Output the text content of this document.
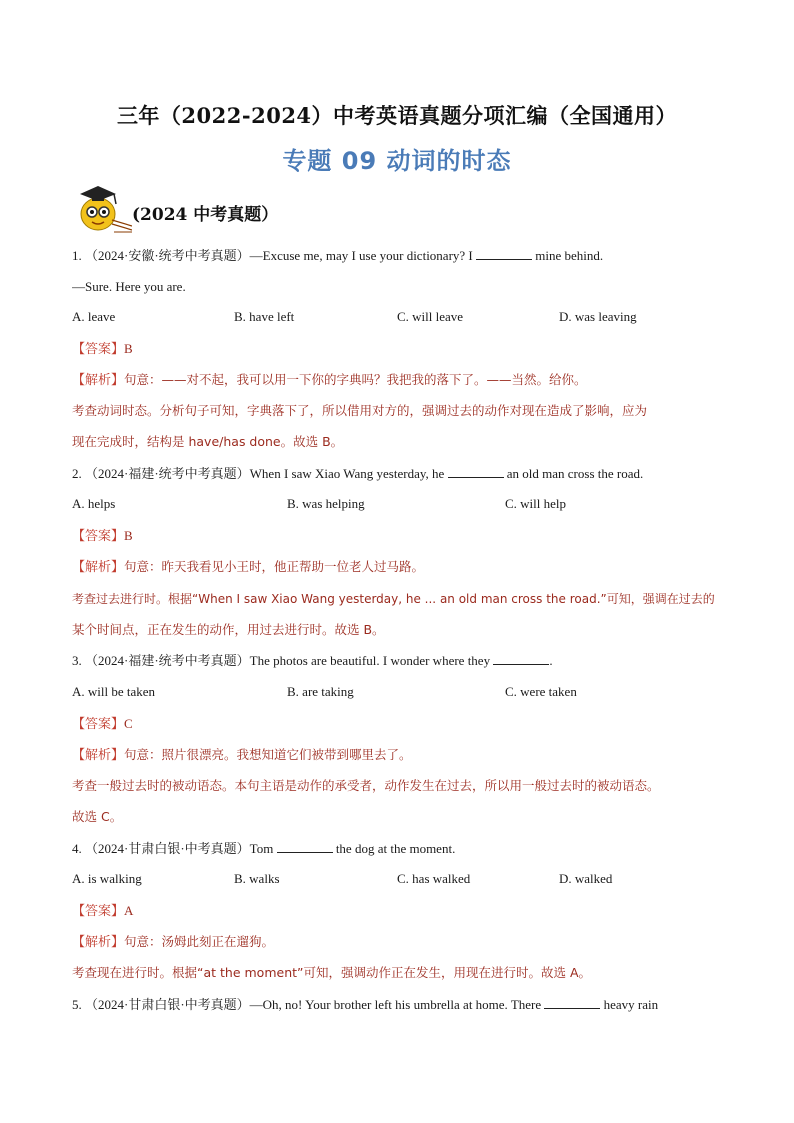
三年（2022-2024）中考英语真题分项汇编（全国通用）
专题 09 动词的时态
(2024 中考真题）
1. （2024·安徽·统考中考真题）—Excuse me, may I use your dictionary? I	mine behind.
—Sure. Here you are.
A. leave	B. have left	C. will leave	D. was leaving
【答案】B
【解析】句意：——对不起，我可以用一下你的字典吗？我把我的落下了。——当然。给你。
考查动词时态。分析句子可知，字典落下了，所以借用对方的，强调过去的动作对现在造成了影响，应为
现在完成时，结构是 have/has done。故选 B。
2. （2024·福建·统考中考真题）When I saw Xiao Wang yesterday, he	an old man cross the road.
A. helps	B. was helping	C. will help
【答案】B
【解析】句意：昨天我看见小王时，他正帮助一位老人过马路。
考查过去进行时。根据“When I saw Xiao Wang yesterday, he ... an old man cross the road.”可知，强调在过去的
某个时间点，正在发生的动作，用过去进行时。故选 B。
3. （2024·福建·统考中考真题）The photos are beautiful. I wonder where they	.
A. will be taken	B. are taking	C. were taken
【答案】C
【解析】句意：照片很漂亮。我想知道它们被带到哪里去了。
考查一般过去时的被动语态。本句主语是动作的承受者，动作发生在过去，所以用一般过去时的被动语态。
故选 C。
4. （2024·甘肃白银·中考真题）Tom	the dog at the moment.
A. is walking	B. walks	C. has walked	D. walked
【答案】A
【解析】句意：汤姆此刻正在遛狗。
考查现在进行时。根据“at the moment”可知，强调动作正在发生，用现在进行时。故选 A。
5. （2024·甘肃白银·中考真题）—Oh, no! Your brother left his umbrella at home. There	heavy rain
